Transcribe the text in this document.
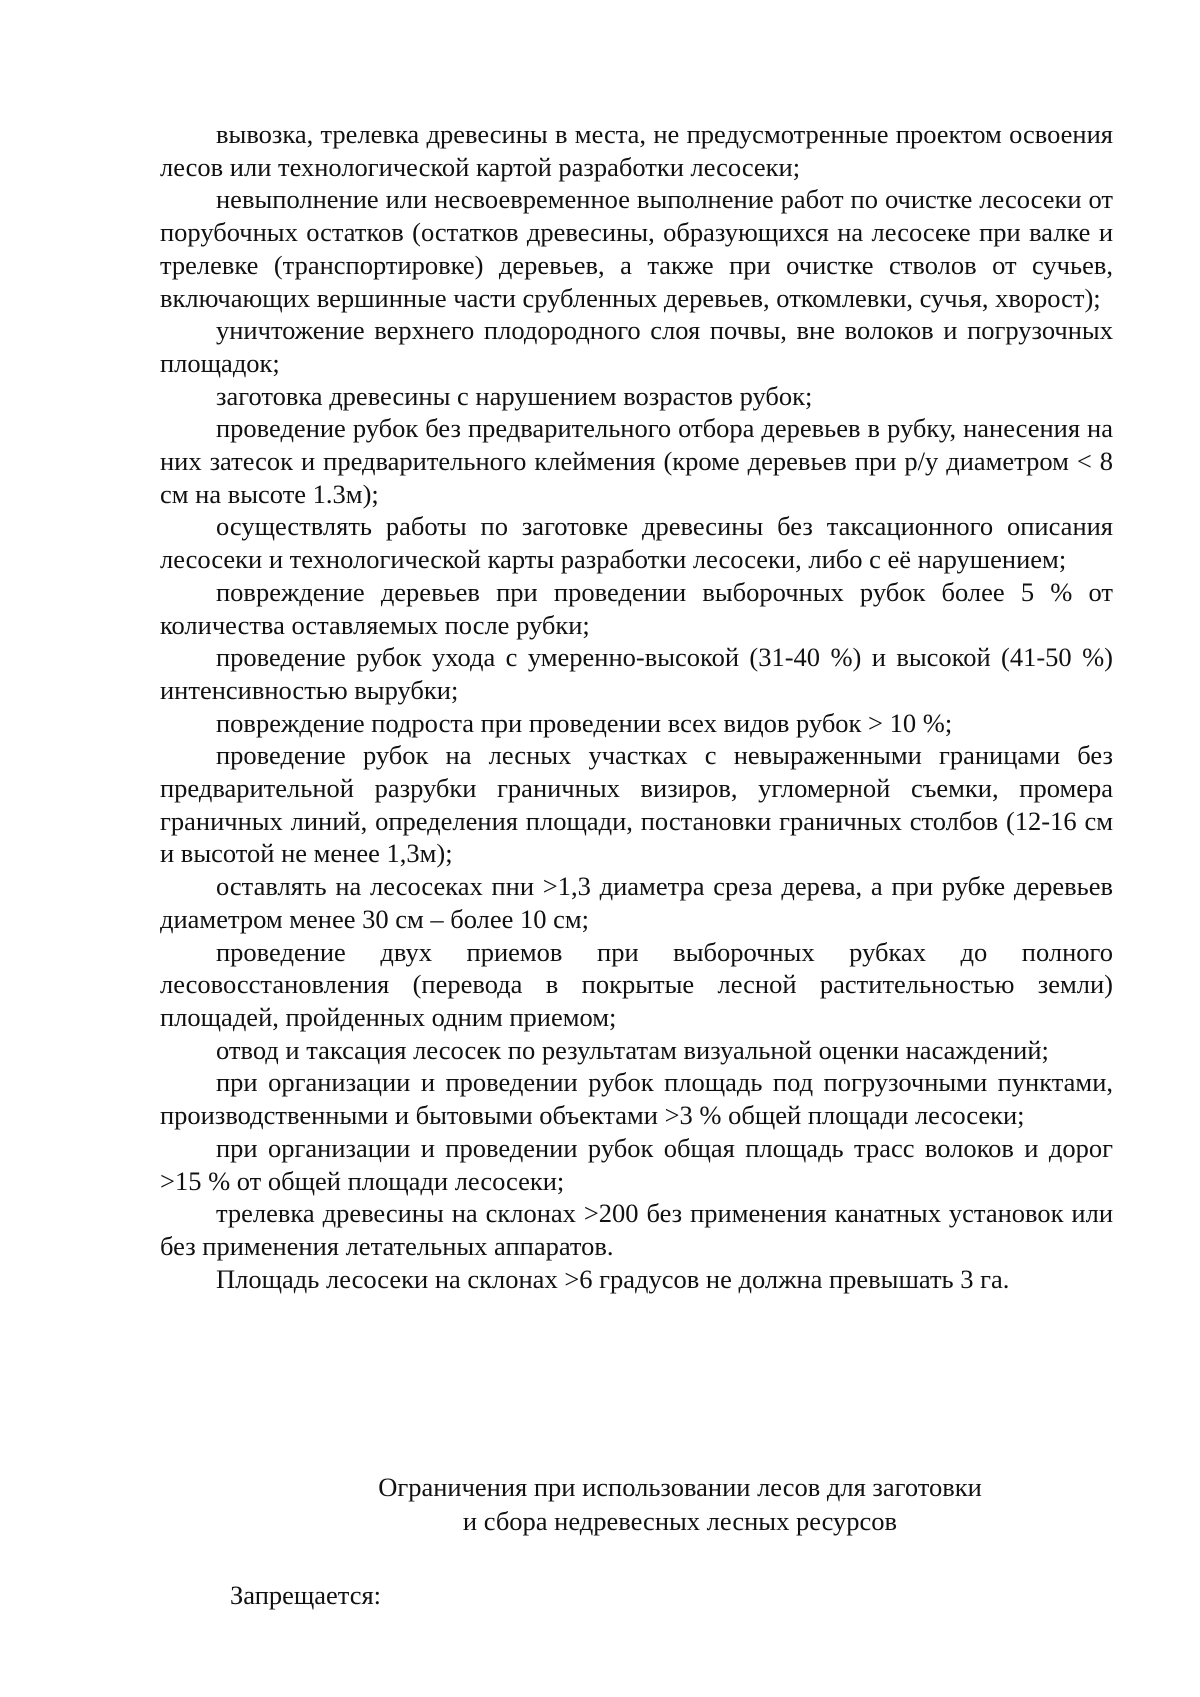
вывозка, трелевка древесины в места, не предусмотренные проектом освоения лесов или технологической картой разработки лесосеки;

невыполнение или несвоевременное выполнение работ по очистке лесосеки от порубочных остатков (остатков древесины, образующихся на лесосеке при валке и трелевке (транспортировке) деревьев, а также при очистке стволов от сучьев, включающих вершинные части срубленных деревьев, откомлевки, сучья, хворост);

уничтожение верхнего плодородного слоя почвы, вне волоков и погрузочных площадок;

заготовка древесины с нарушением возрастов рубок;

проведение рубок без предварительного отбора деревьев в рубку, нанесения на них затесок и предварительного клеймения (кроме деревьев при р/у диаметром < 8 см на высоте 1.3м);

осуществлять работы по заготовке древесины без таксационного описания лесосеки и технологической карты разработки лесосеки, либо с её нарушением;

повреждение деревьев при проведении выборочных рубок более 5 % от количества оставляемых после рубки;

проведение рубок ухода с умеренно-высокой (31-40 %) и высокой (41-50 %) интенсивностью вырубки;

повреждение подроста при проведении всех видов рубок > 10 %;

проведение рубок на лесных участках с невыраженными границами без предварительной разрубки граничных визиров, угломерной съемки, промера граничных линий, определения площади, постановки граничных столбов (12-16 см и высотой не менее 1,3м);

оставлять на лесосеках пни >1,3 диаметра среза дерева, а при рубке деревьев диаметром менее 30 см – более 10 см;

проведение двух приемов при выборочных рубках до полного лесовосстановления (перевода в покрытые лесной растительностью земли) площадей, пройденных одним приемом;

отвод и таксация лесосек по результатам визуальной оценки насаждений;

при организации и проведении рубок площадь под погрузочными пунктами, производственными и бытовыми объектами >3 % общей площади лесосеки;

при организации и проведении рубок общая площадь трасс волоков и дорог >15 % от общей площади лесосеки;

трелевка древесины на склонах >200 без применения канатных установок или без применения летательных аппаратов.

Площадь лесосеки на склонах >6 градусов не должна превышать 3 га.

Ограничения при использовании лесов для заготовки
и сбора недревесных лесных ресурсов
Запрещается:
